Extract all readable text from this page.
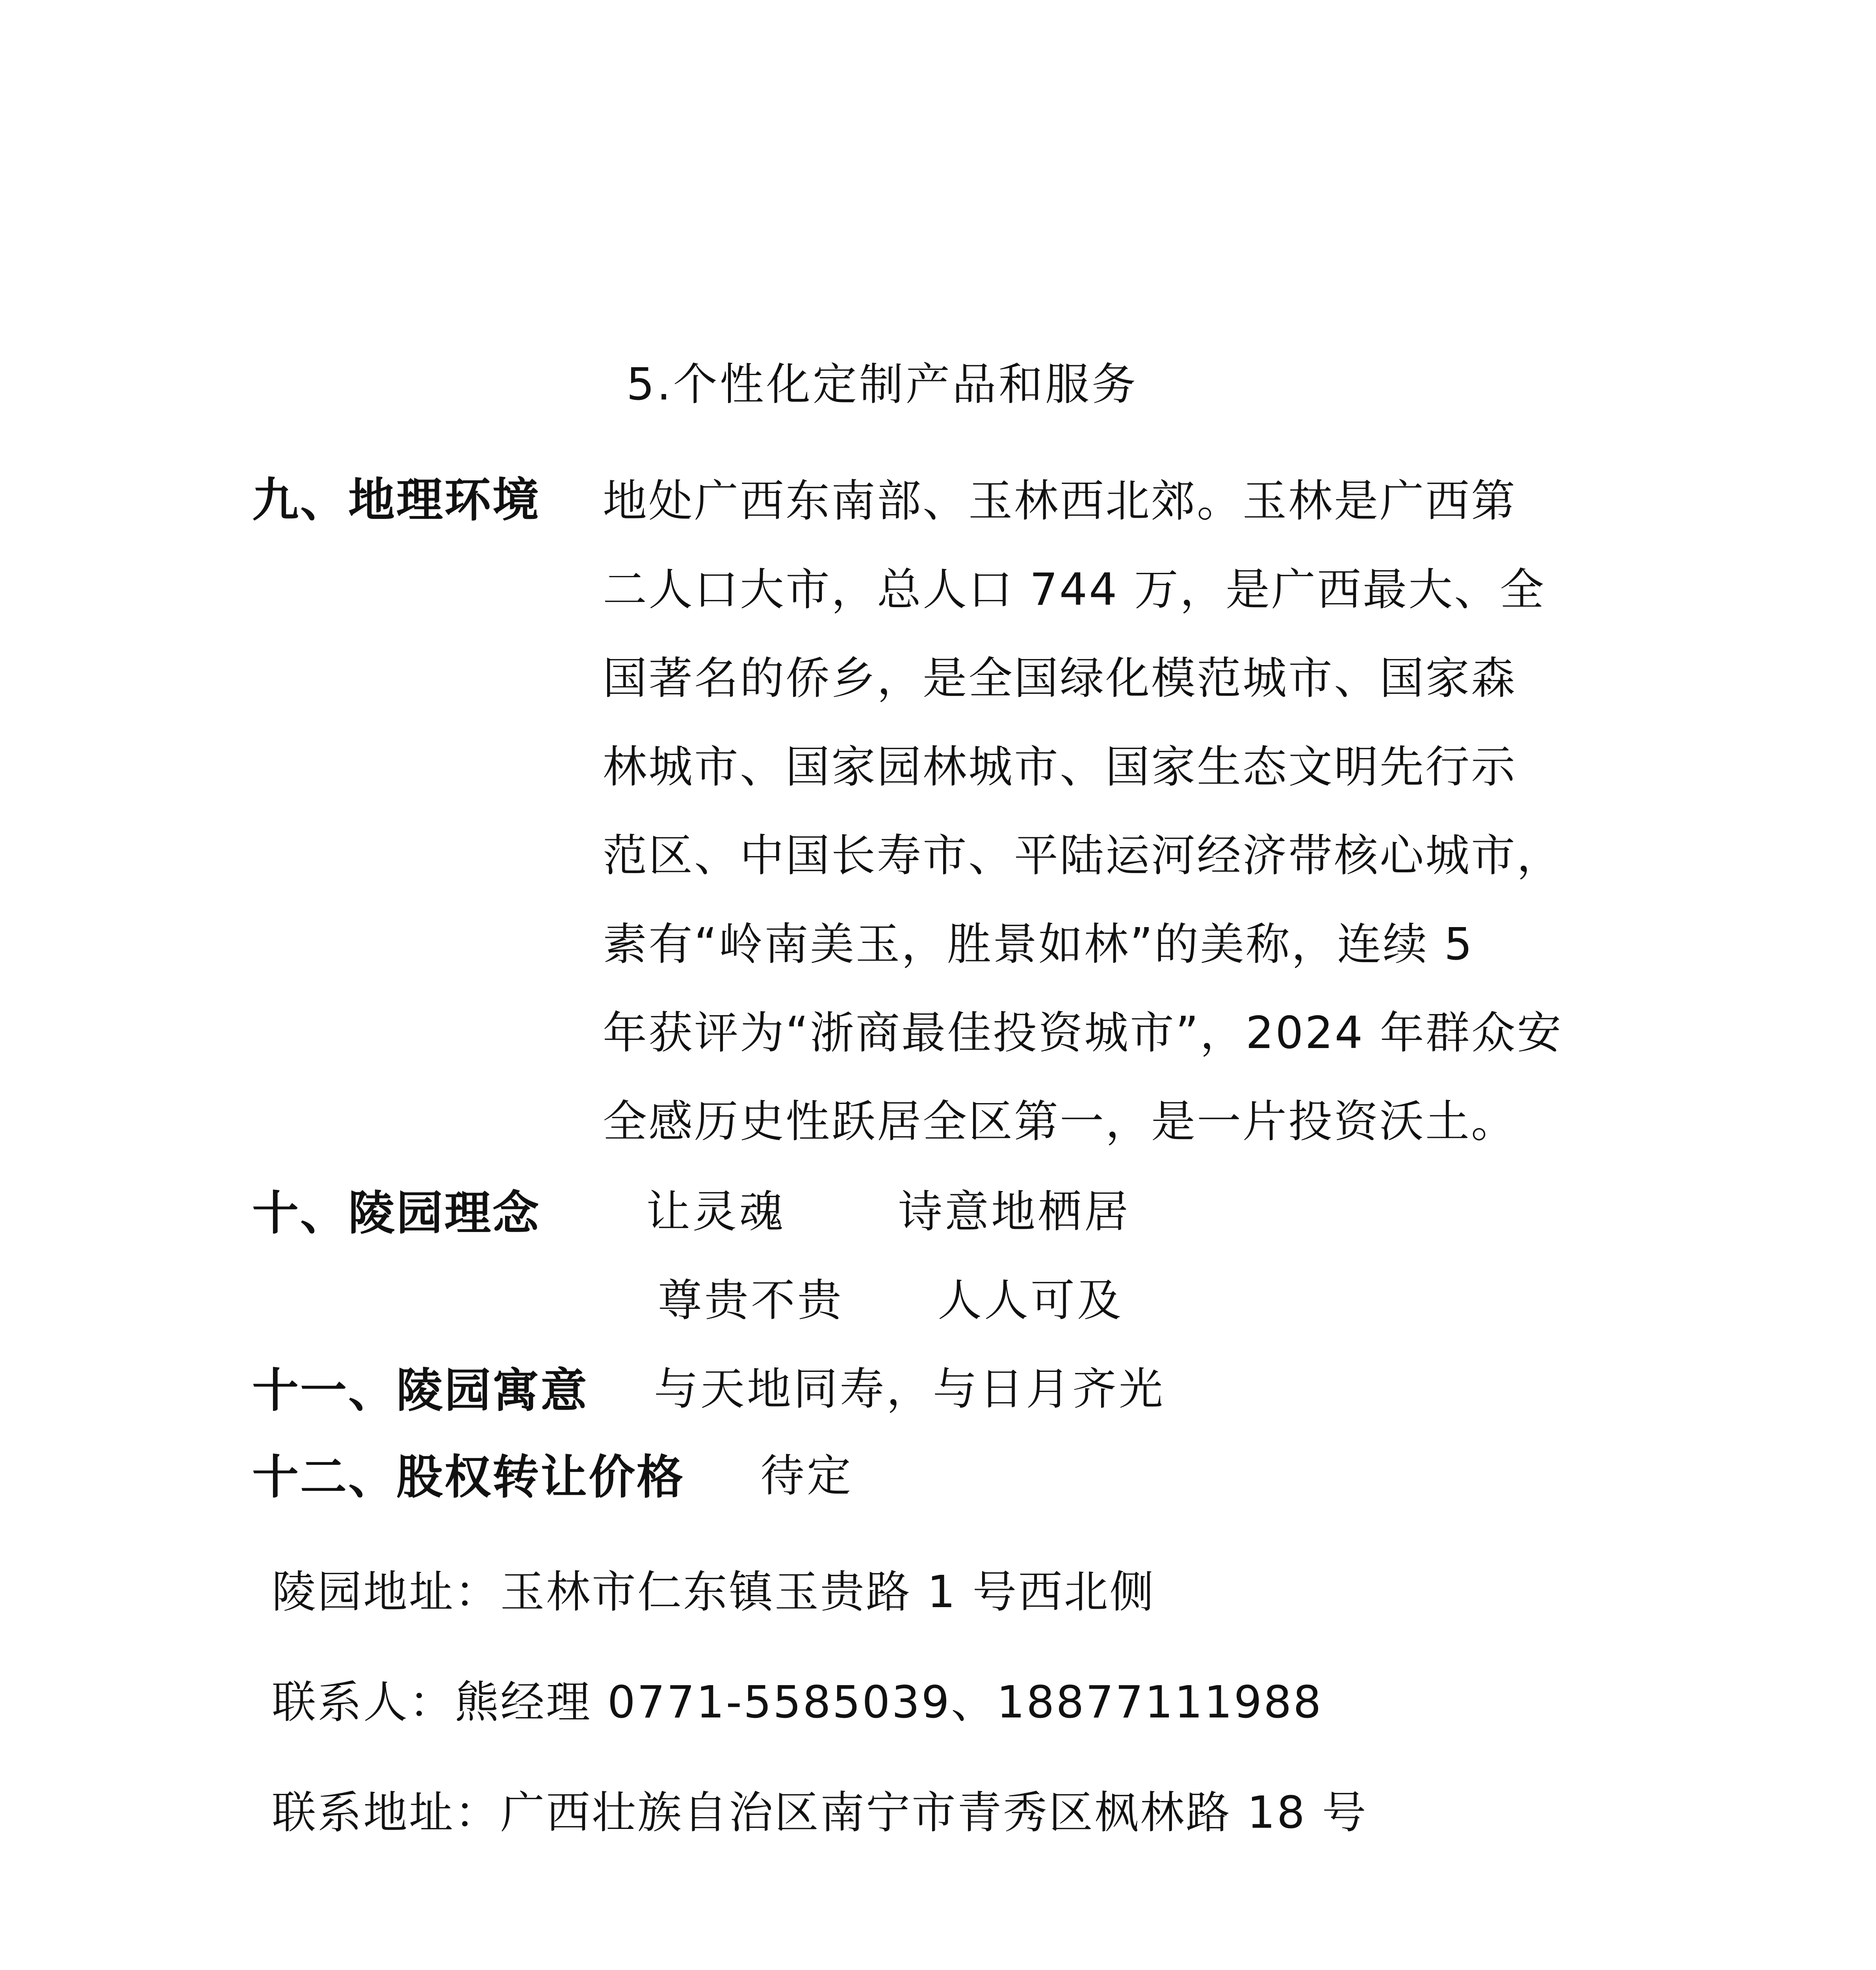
5.个性化定制产品和服务
九、地理环境 地处广西东南部、玉林西北郊。玉林是广西第
二人口大市，总人口 744 万，是广西最大、全
国著名的侨乡，是全国绿化模范城市、国家森
林城市、国家园林城市、国家生态文明先行示
范区、中国长寿市、平陆运河经济带核心城市，
素有“岭南美玉，胜景如林”的美称，连续 5
年获评为“浙商最佳投资城市”，2024 年群众安
全感历史性跃居全区第一，是一片投资沃土。
十、陵园理念 让灵魂	诗意地栖居
尊贵不贵 人人可及
十一、陵园寓意 与天地同寿，与日月齐光
十二、股权转让价格 待定
陵园地址：玉林市仁东镇玉贵路 1 号西北侧
联系人：熊经理 0771-5585039、18877111988
联系地址：广西壮族自治区南宁市青秀区枫林路 18 号
